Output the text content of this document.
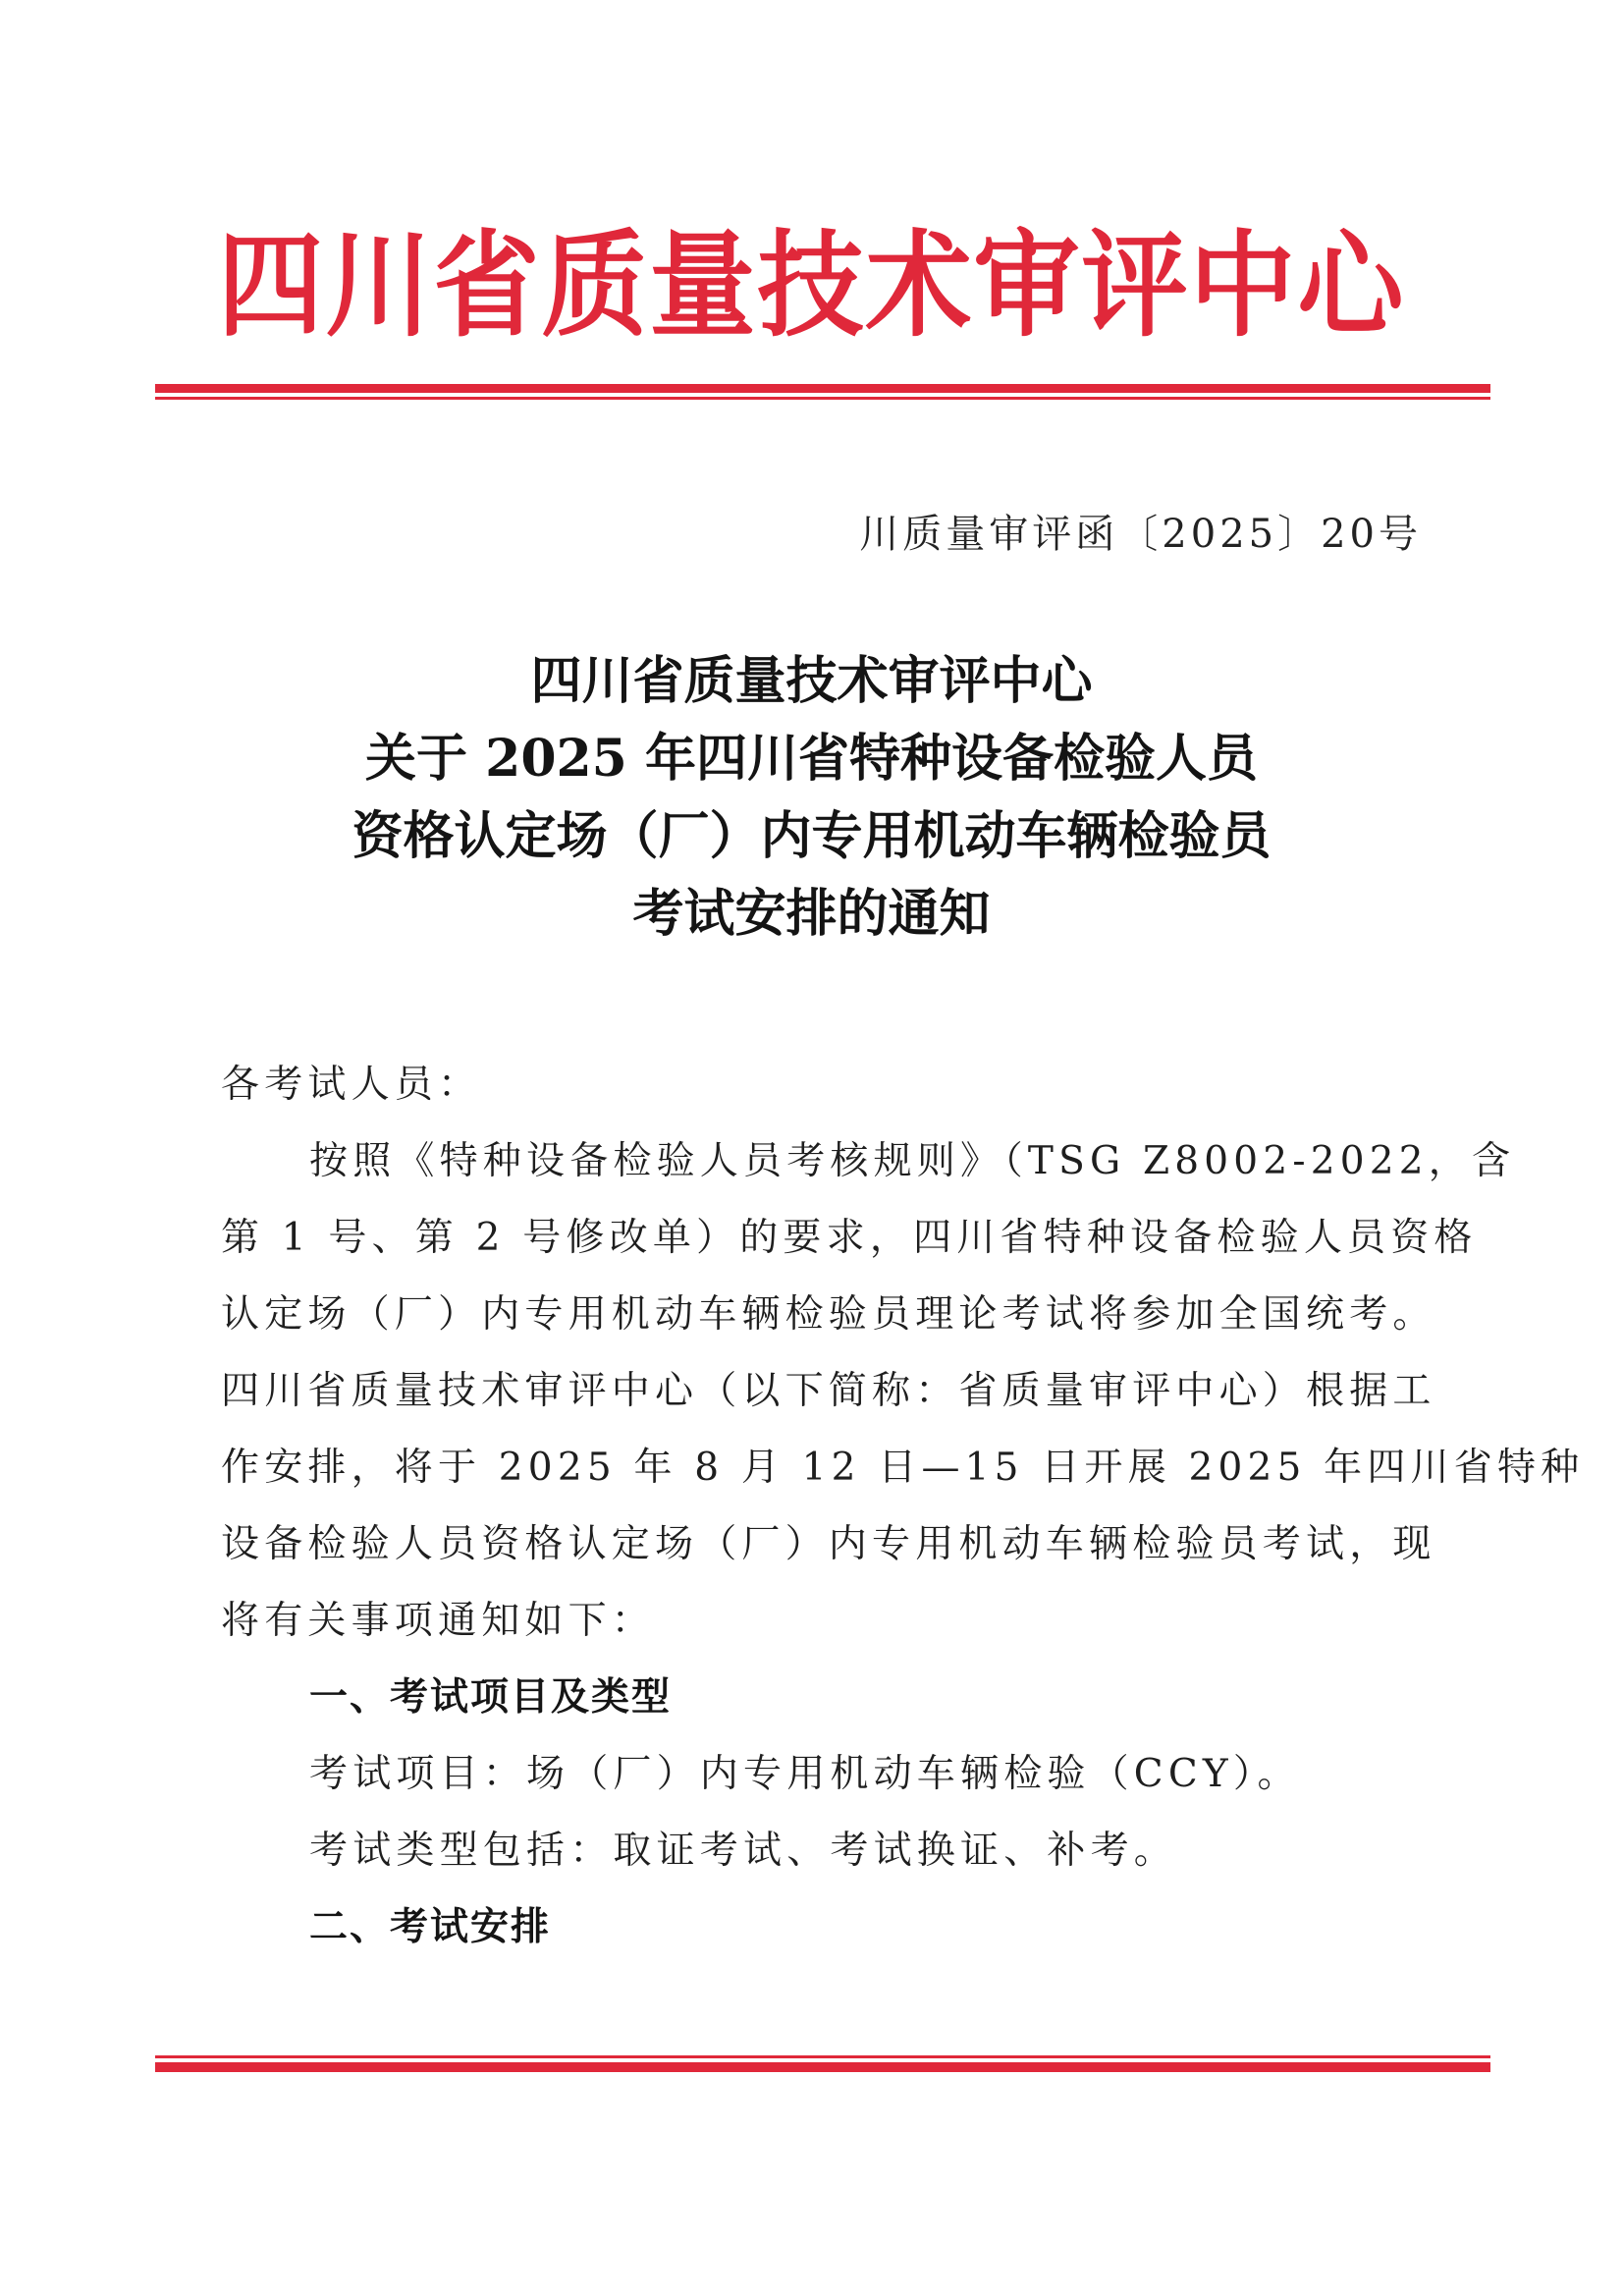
四川省质量技术审评中心
川质量审评函〔2025〕20号
四川省质量技术审评中心
关于 2025 年四川省特种设备检验人员
资格认定场（厂）内专用机动车辆检验员
考试安排的通知
各考试人员：
按照《特种设备检验人员考核规则》（TSG Z8002-2022，含
第 1 号、第 2 号修改单）的要求，四川省特种设备检验人员资格
认定场（厂）内专用机动车辆检验员理论考试将参加全国统考。
四川省质量技术审评中心（以下简称：省质量审评中心）根据工
作安排，将于 2025 年 8 月 12 日—15 日开展 2025 年四川省特种
设备检验人员资格认定场（厂）内专用机动车辆检验员考试，现
将有关事项通知如下：
一、考试项目及类型
考试项目：场（厂）内专用机动车辆检验（CCY）。
考试类型包括：取证考试、考试换证、补考。
二、考试安排
